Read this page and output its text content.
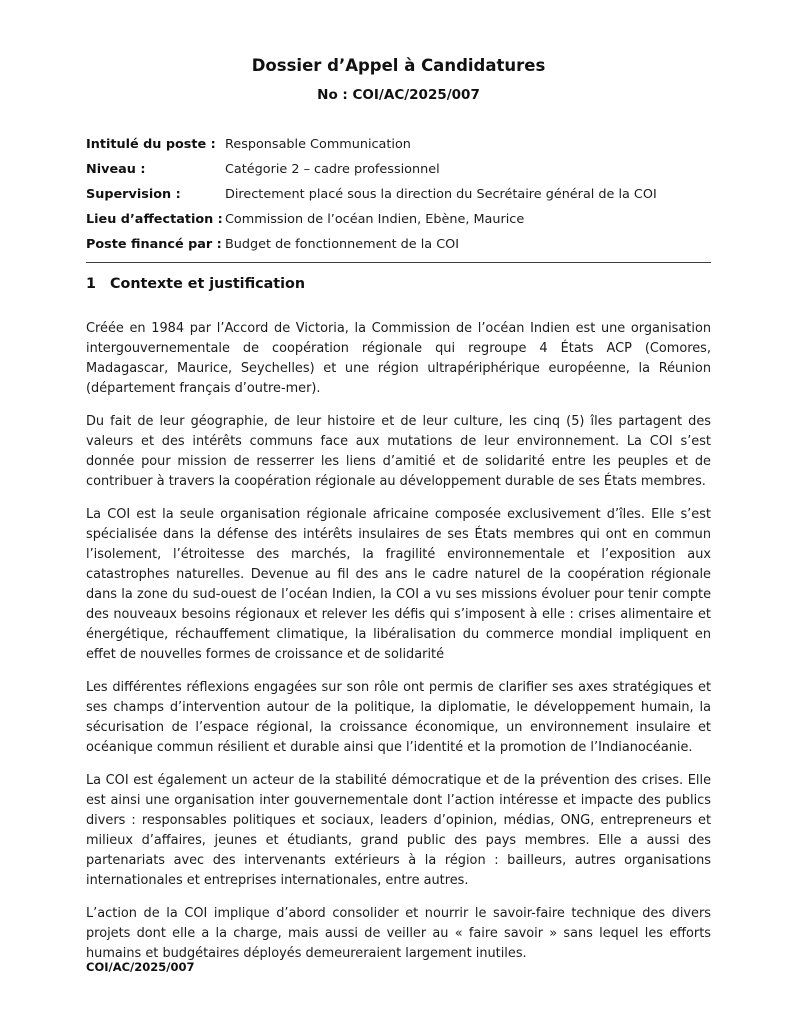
Dossier d’Appel à Candidatures
No : COI/AC/2025/007
Intitulé du poste : Responsable Communication
Niveau :	Catégorie 2 – cadre professionnel
Supervision :	Directement placé sous la direction du Secrétaire général de la COI
Lieu d’affectation : Commission de l’océan Indien, Ebène, Maurice
Poste financé par : Budget de fonctionnement de la COI
1 Contexte et justification

Créée en 1984 par l’Accord de Victoria, la Commission de l’océan Indien est une organisation intergouvernementale de coopération régionale qui regroupe 4 États ACP (Comores, Madagascar, Maurice, Seychelles) et une région ultrapériphérique européenne, la Réunion (département français d’outre-mer).

Du fait de leur géographie, de leur histoire et de leur culture, les cinq (5) îles partagent des valeurs et des intérêts communs face aux mutations de leur environnement. La COI s’est donnée pour mission de resserrer les liens d’amitié et de solidarité entre les peuples et de contribuer à travers la coopération régionale au développement durable de ses États membres.

La COI est la seule organisation régionale africaine composée exclusivement d’îles. Elle s’est spécialisée dans la défense des intérêts insulaires de ses États membres qui ont en commun l’isolement, l’étroitesse des marchés, la fragilité environnementale et l’exposition aux catastrophes naturelles. Devenue au fil des ans le cadre naturel de la coopération régionale dans la zone du sud-ouest de l’océan Indien, la COI a vu ses missions évoluer pour tenir compte des nouveaux besoins régionaux et relever les défis qui s’imposent à elle : crises alimentaire et énergétique, réchauffement climatique, la libéralisation du commerce mondial impliquent en effet de nouvelles formes de croissance et de solidarité

Les différentes réflexions engagées sur son rôle ont permis de clarifier ses axes stratégiques et ses champs d’intervention autour de la politique, la diplomatie, le développement humain, la sécurisation de l’espace régional, la croissance économique, un environnement insulaire et océanique commun résilient et durable ainsi que l’identité et la promotion de l’Indianocéanie.

La COI est également un acteur de la stabilité démocratique et de la prévention des crises. Elle est ainsi une organisation inter gouvernementale dont l’action intéresse et impacte des publics divers : responsables politiques et sociaux, leaders d’opinion, médias, ONG, entrepreneurs et milieux d’affaires, jeunes et étudiants, grand public des pays membres. Elle a aussi des partenariats avec des intervenants extérieurs à la région : bailleurs, autres organisations internationales et entreprises internationales, entre autres.

L’action de la COI implique d’abord consolider et nourrir le savoir-faire technique des divers projets dont elle a la charge, mais aussi de veiller au « faire savoir » sans lequel les efforts humains et budgétaires déployés demeureraient largement inutiles.

COI/AC/2025/007
